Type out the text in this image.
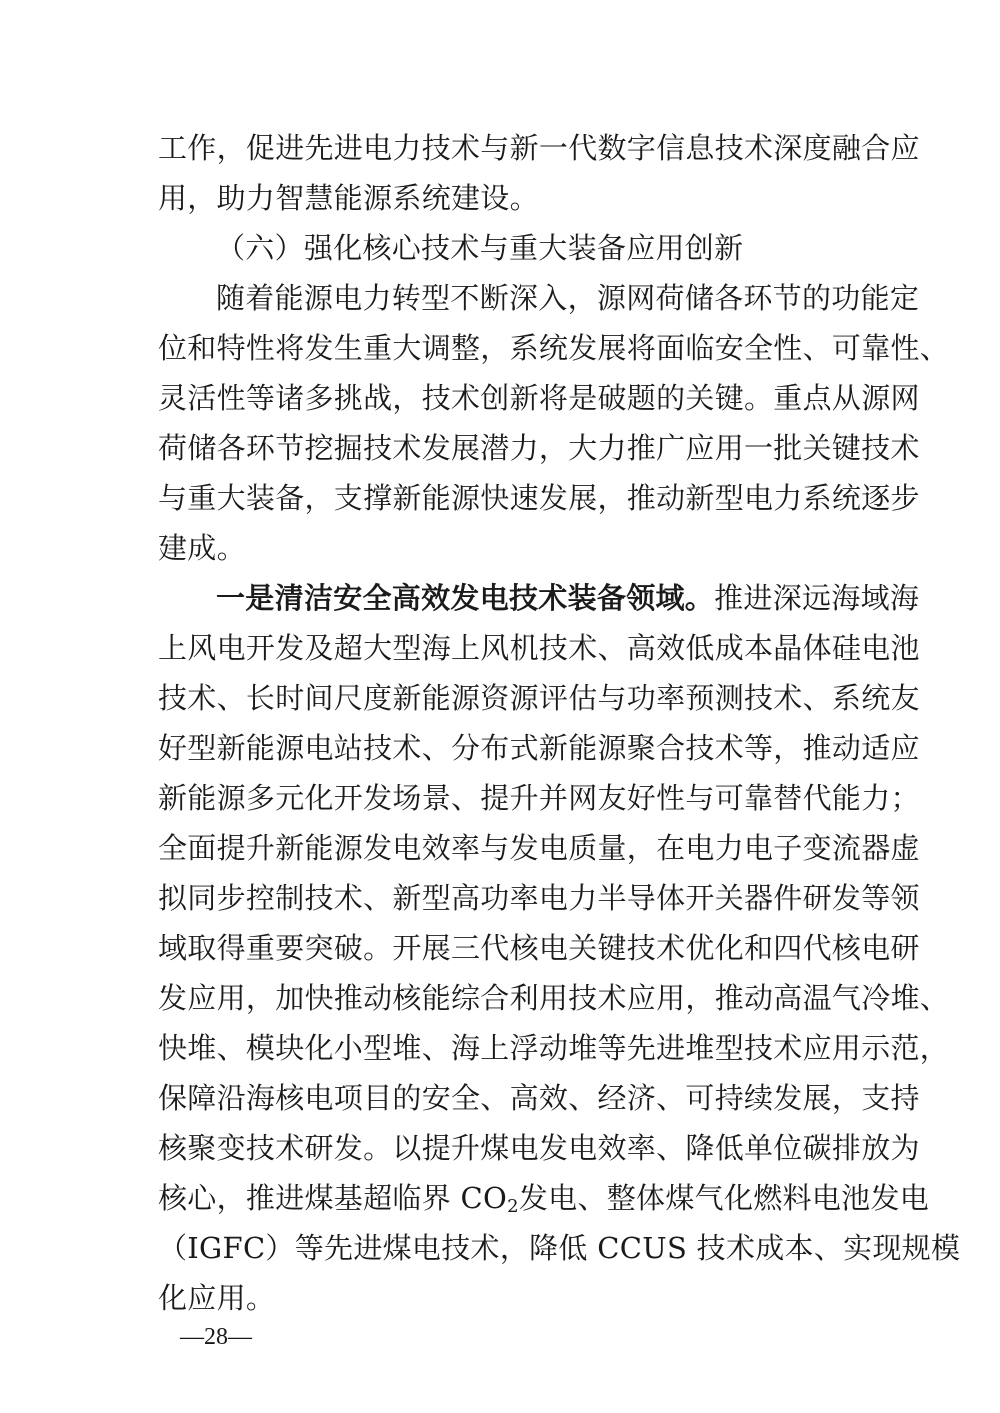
工作，促进先进电力技术与新一代数字信息技术深度融合应
用，助力智慧能源系统建设。
（六）强化核心技术与重大装备应用创新
随着能源电力转型不断深入，源网荷储各环节的功能定
位和特性将发生重大调整，系统发展将面临安全性、可靠性、
灵活性等诸多挑战，技术创新将是破题的关键。重点从源网
荷储各环节挖掘技术发展潜力，大力推广应用一批关键技术
与重大装备，支撑新能源快速发展，推动新型电力系统逐步
建成。
一是清洁安全高效发电技术装备领域。推进深远海域海
上风电开发及超大型海上风机技术、高效低成本晶体硅电池
技术、长时间尺度新能源资源评估与功率预测技术、系统友
好型新能源电站技术、分布式新能源聚合技术等，推动适应
新能源多元化开发场景、提升并网友好性与可靠替代能力；
全面提升新能源发电效率与发电质量，在电力电子变流器虚
拟同步控制技术、新型高功率电力半导体开关器件研发等领
域取得重要突破。开展三代核电关键技术优化和四代核电研
发应用，加快推动核能综合利用技术应用，推动高温气冷堆、
快堆、模块化小型堆、海上浮动堆等先进堆型技术应用示范，
保障沿海核电项目的安全、高效、经济、可持续发展，支持
核聚变技术研发。以提升煤电发电效率、降低单位碳排放为
核心，推进煤基超临界 $CO_2$发电、整体煤气化燃料电池发电
（IGFC）等先进煤电技术，降低 CCUS 技术成本、实现规模
化应用。
—28—
